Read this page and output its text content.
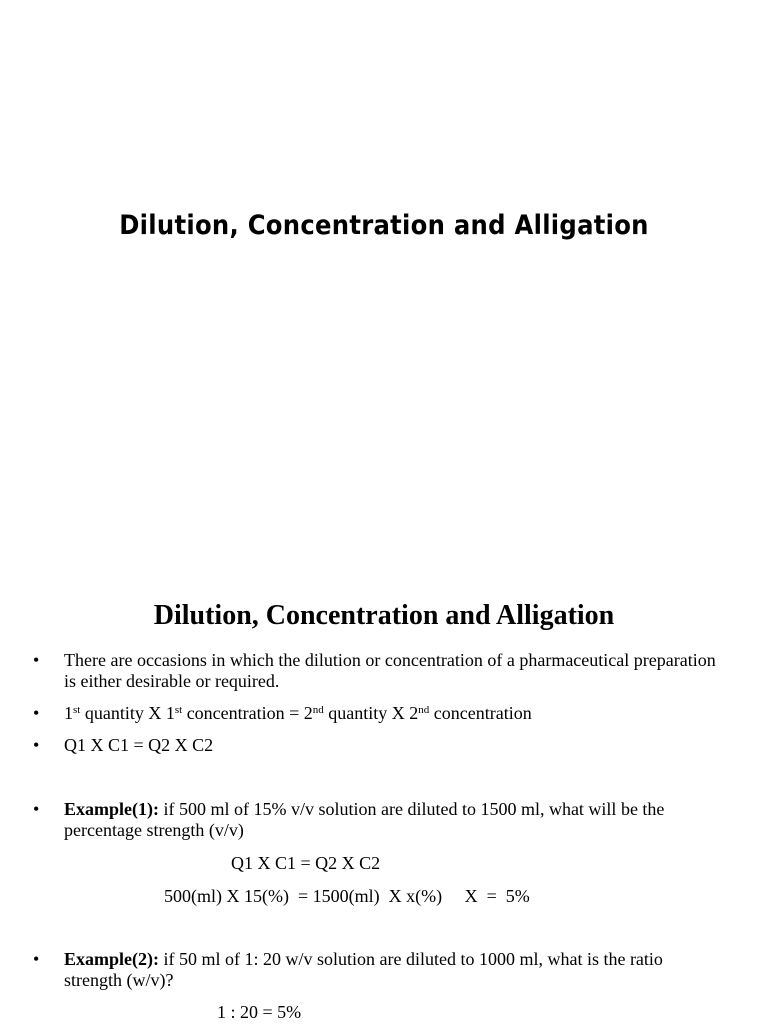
Dilution, Concentration and Alligation
Dilution, Concentration and Alligation
• There are occasions in which the dilution or concentration of a pharmaceutical preparation is either desirable or required.
• 1st quantity X 1st concentration = 2nd quantity X 2nd concentration
• Q1 X C1 = Q2 X C2
• Example(1): if 500 ml of 15% v/v solution are diluted to 1500 ml, what will be the percentage strength (v/v)
Q1 X C1 = Q2 X C2
500(ml) X 15(%)  = 1500(ml)  X x(%)     X  =  5%
• Example(2): if 50 ml of 1: 20 w/v solution are diluted to 1000 ml, what is the ratio strength (w/v)?
1 : 20 = 5%
